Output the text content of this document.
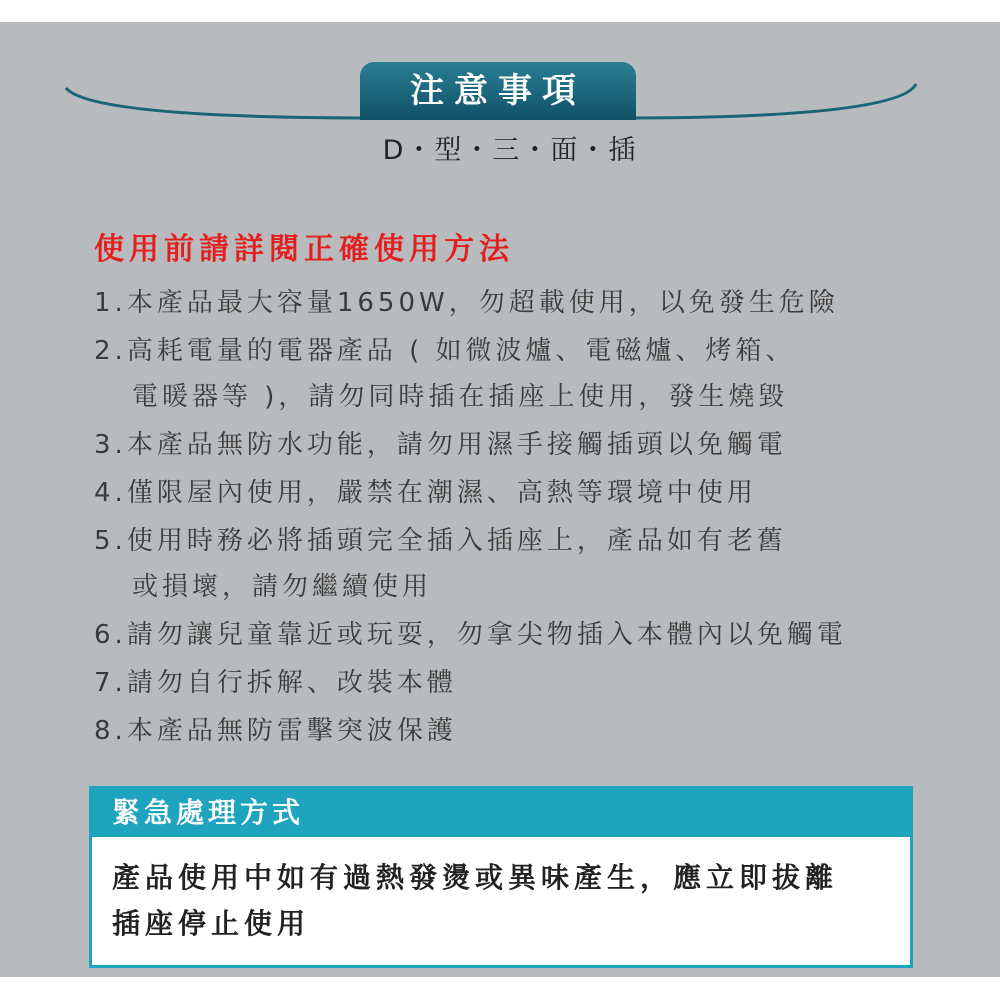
注意事項
D・型・三・面・插
使用前請詳閱正確使用方法
1.本產品最大容量1650W，勿超載使用，以免發生危險
2.高耗電量的電器產品 ( 如微波爐、電磁爐、烤箱、
電暖器等 )，請勿同時插在插座上使用，發生燒毀
3.本產品無防水功能，請勿用濕手接觸插頭以免觸電
4.僅限屋內使用，嚴禁在潮濕、高熱等環境中使用
5.使用時務必將插頭完全插入插座上，產品如有老舊
或損壞，請勿繼續使用
6.請勿讓兒童靠近或玩耍，勿拿尖物插入本體內以免觸電
7.請勿自行拆解、改裝本體
8.本產品無防雷擊突波保護
緊急處理方式
產品使用中如有過熱發燙或異味產生，應立即拔離
插座停止使用
